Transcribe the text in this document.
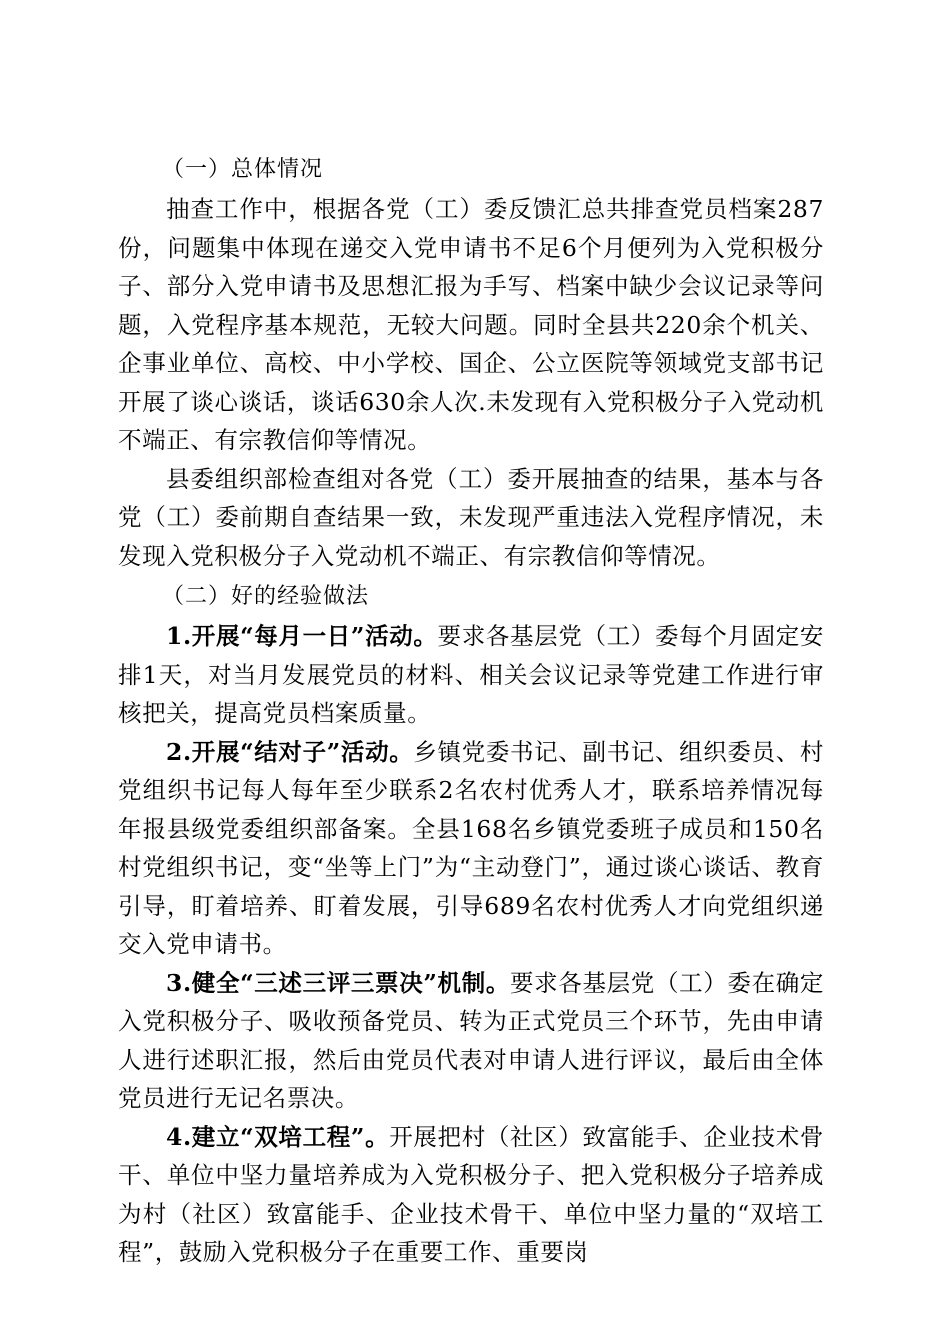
（一）总体情况

抽查工作中，根据各党（工）委反馈汇总共排查党员档案287份，问题集中体现在递交入党申请书不足6个月便列为入党积极分子、部分入党申请书及思想汇报为手写、档案中缺少会议记录等问题，入党程序基本规范，无较大问题。同时全县共220余个机关、企事业单位、高校、中小学校、国企、公立医院等领域党支部书记开展了谈心谈话，谈话630余人次.未发现有入党积极分子入党动机不端正、有宗教信仰等情况。

县委组织部检查组对各党（工）委开展抽查的结果，基本与各党（工）委前期自查结果一致，未发现严重违法入党程序情况，未发现入党积极分子入党动机不端正、有宗教信仰等情况。

（二）好的经验做法

1.开展“每月一日”活动。要求各基层党（工）委每个月固定安排1天，对当月发展党员的材料、相关会议记录等党建工作进行审核把关，提高党员档案质量。

2.开展“结对子”活动。乡镇党委书记、副书记、组织委员、村党组织书记每人每年至少联系2名农村优秀人才，联系培养情况每年报县级党委组织部备案。全县168名乡镇党委班子成员和150名村党组织书记，变“坐等上门”为“主动登门”，通过谈心谈话、教育引导，盯着培养、盯着发展，引导689名农村优秀人才向党组织递交入党申请书。

3.健全“三述三评三票决”机制。要求各基层党（工）委在确定入党积极分子、吸收预备党员、转为正式党员三个环节，先由申请人进行述职汇报，然后由党员代表对申请人进行评议，最后由全体党员进行无记名票决。

4.建立“双培工程”。开展把村（社区）致富能手、企业技术骨干、单位中坚力量培养成为入党积极分子、把入党积极分子培养成为村（社区）致富能手、企业技术骨干、单位中坚力量的“双培工程”，鼓励入党积极分子在重要工作、重要岗
